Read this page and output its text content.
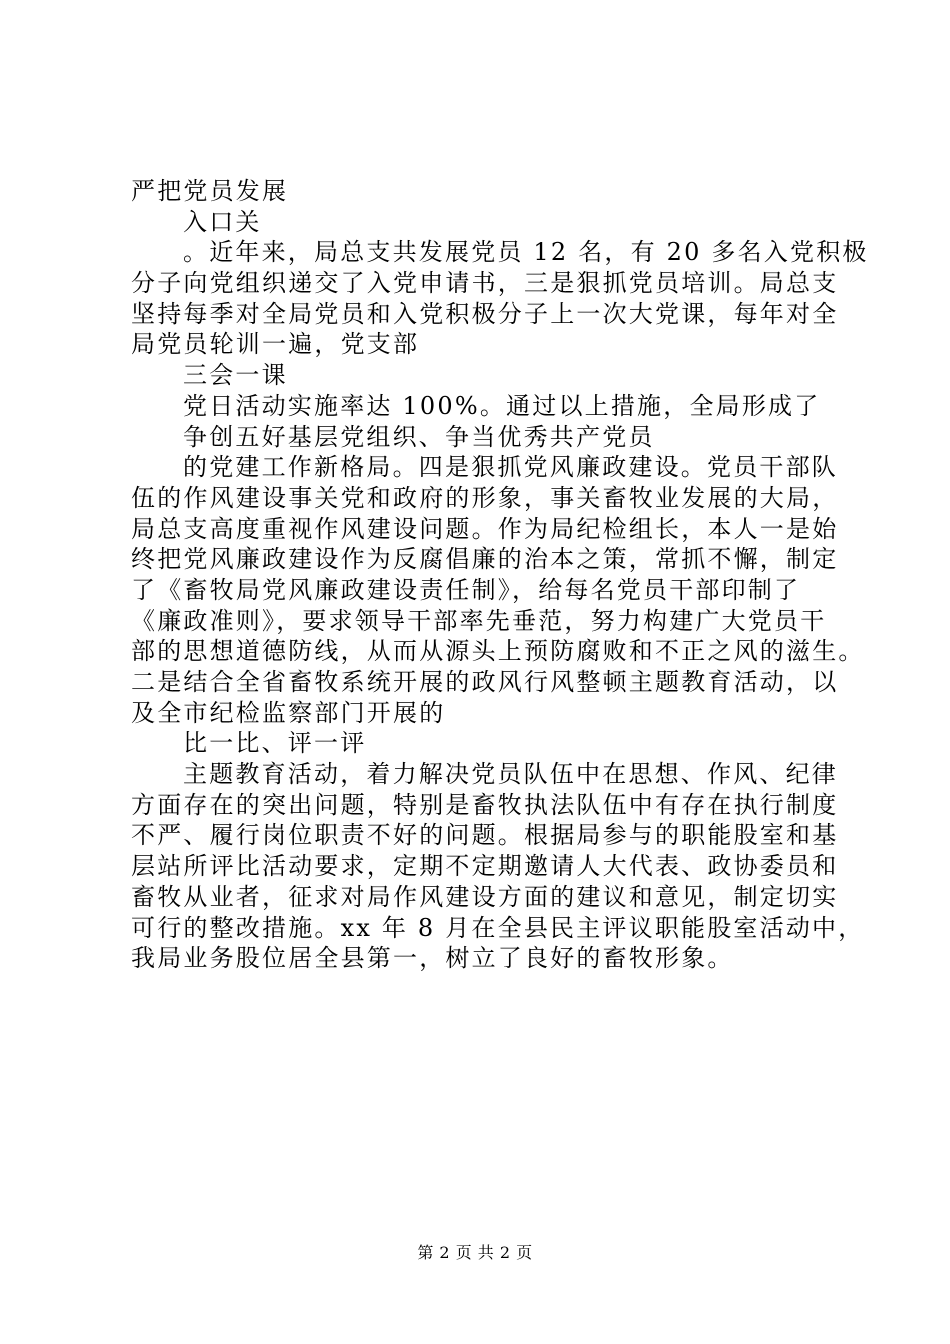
严把党员发展
入口关
。近年来，局总支共发展党员 12 名，有 20 多名入党积极
分子向党组织递交了入党申请书，三是狠抓党员培训。局总支
坚持每季对全局党员和入党积极分子上一次大党课，每年对全
局党员轮训一遍，党支部
三会一课
党日活动实施率达 100%。通过以上措施，全局形成了
争创五好基层党组织、争当优秀共产党员
的党建工作新格局。四是狠抓党风廉政建设。党员干部队
伍的作风建设事关党和政府的形象，事关畜牧业发展的大局，
局总支高度重视作风建设问题。作为局纪检组长，本人一是始
终把党风廉政建设作为反腐倡廉的治本之策，常抓不懈，制定
了《畜牧局党风廉政建设责任制》，给每名党员干部印制了
《廉政准则》，要求领导干部率先垂范，努力构建广大党员干
部的思想道德防线，从而从源头上预防腐败和不正之风的滋生。
二是结合全省畜牧系统开展的政风行风整顿主题教育活动，以
及全市纪检监察部门开展的
比一比、评一评
主题教育活动，着力解决党员队伍中在思想、作风、纪律
方面存在的突出问题，特别是畜牧执法队伍中有存在执行制度
不严、履行岗位职责不好的问题。根据局参与的职能股室和基
层站所评比活动要求，定期不定期邀请人大代表、政协委员和
畜牧从业者，征求对局作风建设方面的建议和意见，制定切实
可行的整改措施。xx 年 8 月在全县民主评议职能股室活动中，
我局业务股位居全县第一，树立了良好的畜牧形象。
第 2 页 共 2 页
